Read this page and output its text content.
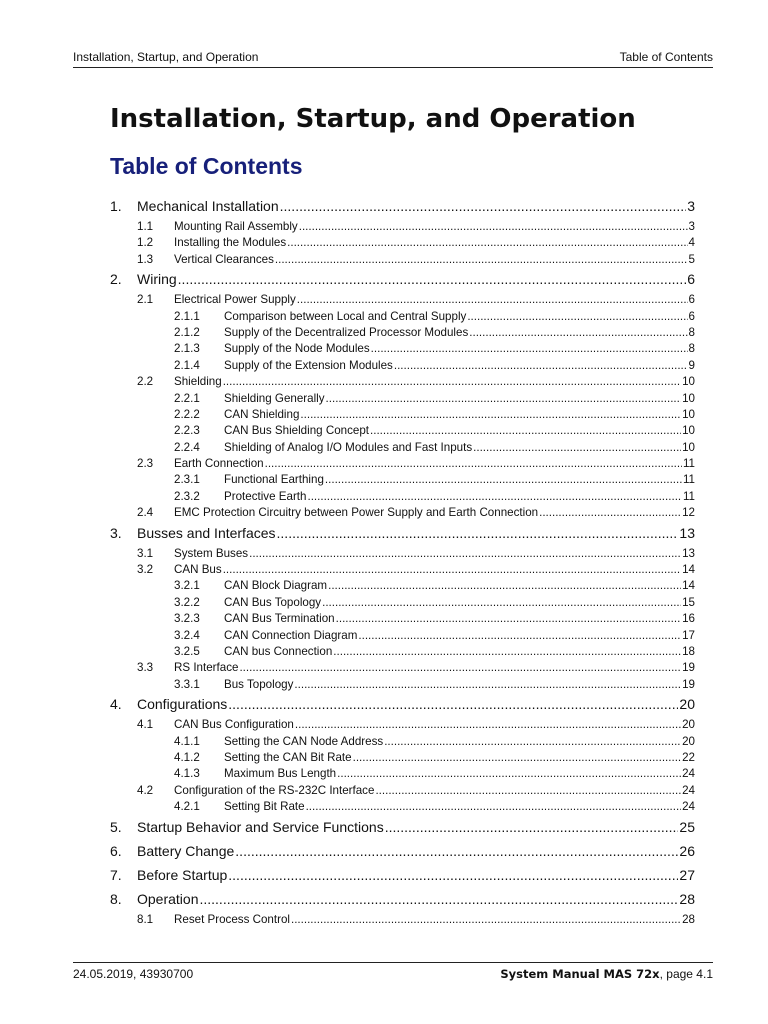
Installation, Startup, and Operation	Table of Contents
Installation, Startup, and Operation
Table of Contents
1.	Mechanical Installation .....	3
1.1	Mounting Rail Assembly .....	3
1.2	Installing the Modules .....	4
1.3	Vertical Clearances .....	5
2.	Wiring .....	6
2.1	Electrical Power Supply .....	6
2.1.1	Comparison between Local and Central Supply .....	6
2.1.2	Supply of the Decentralized Processor Modules .....	8
2.1.3	Supply of the Node Modules .....	8
2.1.4	Supply of the Extension Modules .....	9
2.2	Shielding .....	10
2.2.1	Shielding Generally .....	10
2.2.2	CAN Shielding .....	10
2.2.3	CAN Bus Shielding Concept .....	10
2.2.4	Shielding of Analog I/O Modules and Fast Inputs .....	10
2.3	Earth Connection .....	11
2.3.1	Functional Earthing .....	11
2.3.2	Protective Earth .....	11
2.4	EMC Protection Circuitry between Power Supply and Earth Connection .....	12
3.	Busses and Interfaces .....	13
3.1	System Buses .....	13
3.2	CAN Bus .....	14
3.2.1	CAN Block Diagram .....	14
3.2.2	CAN Bus Topology .....	15
3.2.3	CAN Bus Termination .....	16
3.2.4	CAN Connection Diagram .....	17
3.2.5	CAN bus Connection .....	18
3.3	RS Interface .....	19
3.3.1	Bus Topology .....	19
4.	Configurations .....	20
4.1	CAN Bus Configuration .....	20
4.1.1	Setting the CAN Node Address .....	20
4.1.2	Setting the CAN Bit Rate .....	22
4.1.3	Maximum Bus Length .....	24
4.2	Configuration of the RS-232C Interface .....	24
4.2.1	Setting Bit Rate .....	24
5.	Startup Behavior and Service Functions .....	25
6.	Battery Change .....	26
7.	Before Startup .....	27
8.	Operation .....	28
8.1	Reset Process Control .....	28
24.05.2019, 43930700	System Manual MAS 72x, page 4.1
